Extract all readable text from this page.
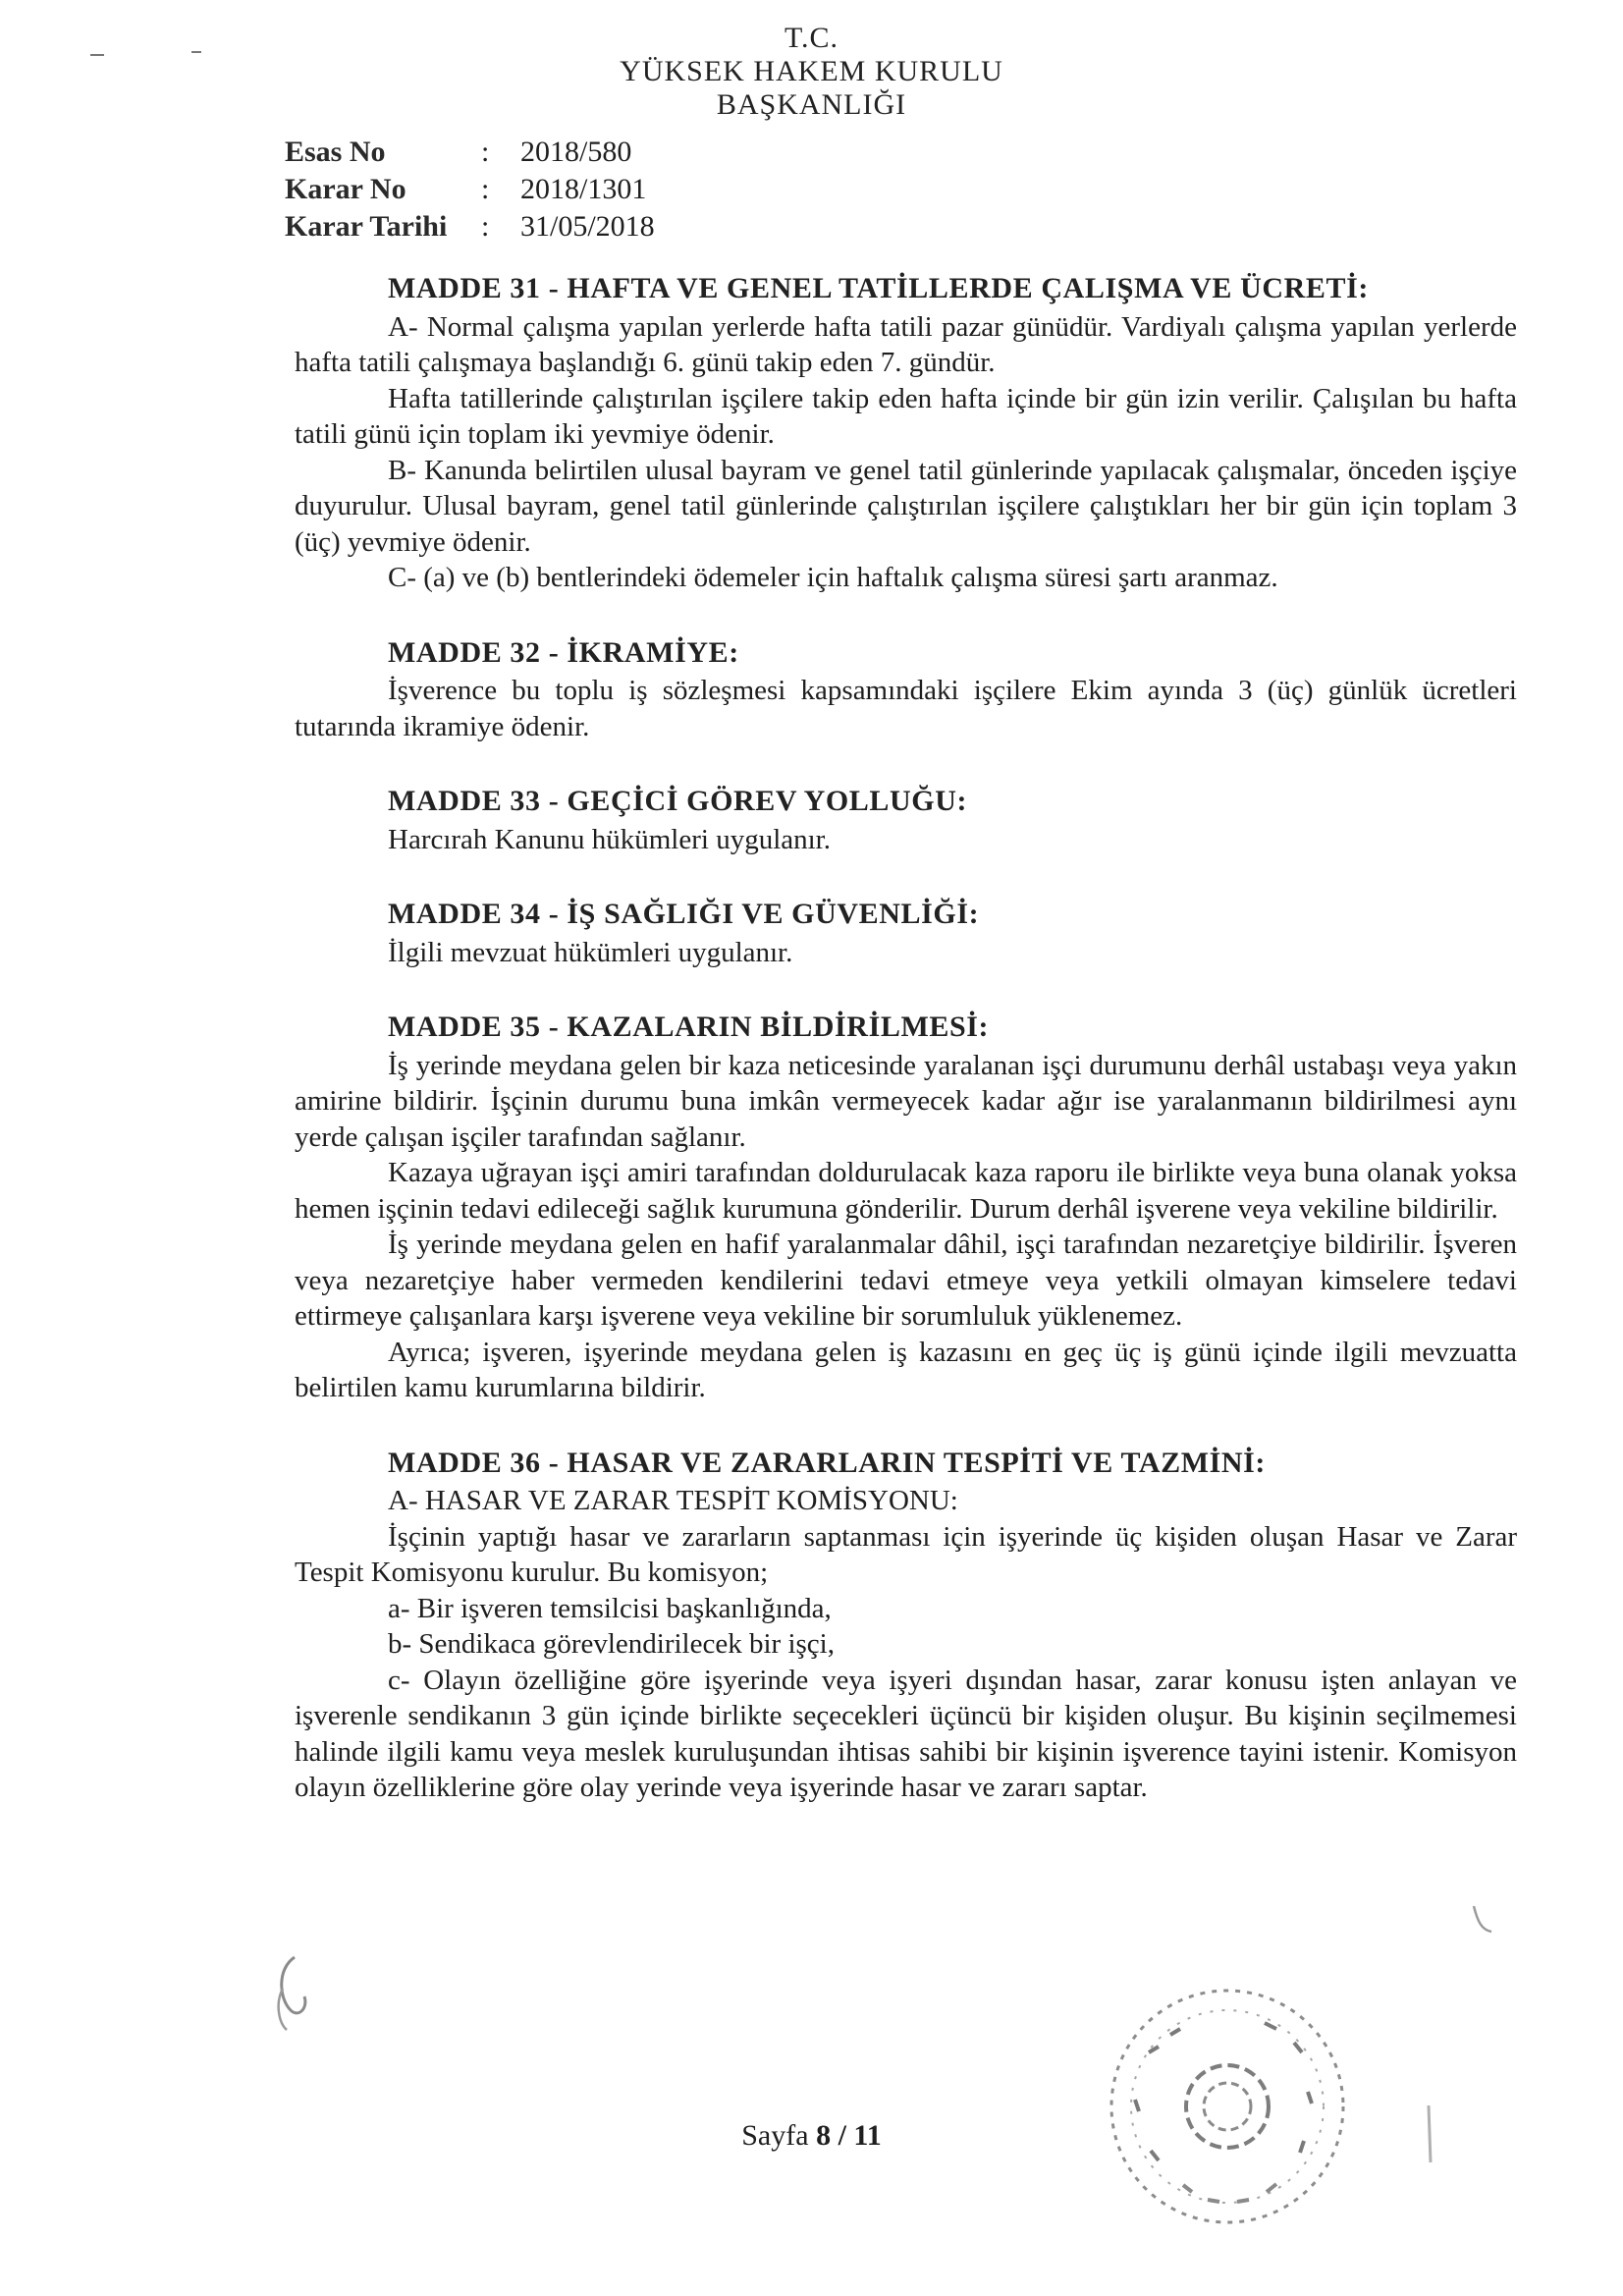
T.C.
YÜKSEK HAKEM KURULU
BAŞKANLIĞI
Esas No	:	2018/580
Karar No	:	2018/1301
Karar Tarihi	:	31/05/2018
MADDE 31 - HAFTA VE GENEL TATİLLERDE ÇALIŞMA VE ÜCRETİ:

A- Normal çalışma yapılan yerlerde hafta tatili pazar günüdür. Vardiyalı çalışma yapılan yerlerde hafta tatili çalışmaya başlandığı 6. günü takip eden 7. gündür.

Hafta tatillerinde çalıştırılan işçilere takip eden hafta içinde bir gün izin verilir. Çalışılan bu hafta tatili günü için toplam iki yevmiye ödenir.

B- Kanunda belirtilen ulusal bayram ve genel tatil günlerinde yapılacak çalışmalar, önceden işçiye duyurulur. Ulusal bayram, genel tatil günlerinde çalıştırılan işçilere çalıştıkları her bir gün için toplam 3 (üç) yevmiye ödenir.

C- (a) ve (b) bentlerindeki ödemeler için haftalık çalışma süresi şartı aranmaz.

MADDE 32 - İKRAMİYE:

İşverence bu toplu iş sözleşmesi kapsamındaki işçilere Ekim ayında 3 (üç) günlük ücretleri tutarında ikramiye ödenir.

MADDE 33 - GEÇİCİ GÖREV YOLLUĞU:

Harcırah Kanunu hükümleri uygulanır.

MADDE 34 - İŞ SAĞLIĞI VE GÜVENLİĞİ:

İlgili mevzuat hükümleri uygulanır.

MADDE 35 - KAZALARIN BİLDİRİLMESİ:

İş yerinde meydana gelen bir kaza neticesinde yaralanan işçi durumunu derhâl ustabaşı veya yakın amirine bildirir. İşçinin durumu buna imkân vermeyecek kadar ağır ise yaralanmanın bildirilmesi aynı yerde çalışan işçiler tarafından sağlanır.

Kazaya uğrayan işçi amiri tarafından doldurulacak kaza raporu ile birlikte veya buna olanak yoksa hemen işçinin tedavi edileceği sağlık kurumuna gönderilir. Durum derhâl işverene veya vekiline bildirilir.

İş yerinde meydana gelen en hafif yaralanmalar dâhil, işçi tarafından nezaretçiye bildirilir. İşveren veya nezaretçiye haber vermeden kendilerini tedavi etmeye veya yetkili olmayan kimselere tedavi ettirmeye çalışanlara karşı işverene veya vekiline bir sorumluluk yüklenemez.

Ayrıca; işveren, işyerinde meydana gelen iş kazasını en geç üç iş günü içinde ilgili mevzuatta belirtilen kamu kurumlarına bildirir.

MADDE 36 - HASAR VE ZARARLARIN TESPİTİ VE TAZMİNİ:

A- HASAR VE ZARAR TESPİT KOMİSYONU:

İşçinin yaptığı hasar ve zararların saptanması için işyerinde üç kişiden oluşan Hasar ve Zarar Tespit Komisyonu kurulur. Bu komisyon;

a- Bir işveren temsilcisi başkanlığında,

b- Sendikaca görevlendirilecek bir işçi,

c- Olayın özelliğine göre işyerinde veya işyeri dışından hasar, zarar konusu işten anlayan ve işverenle sendikanın 3 gün içinde birlikte seçecekleri üçüncü bir kişiden oluşur. Bu kişinin seçilmemesi halinde ilgili kamu veya meslek kuruluşundan ihtisas sahibi bir kişinin işverence tayini istenir. Komisyon olayın özelliklerine göre olay yerinde veya işyerinde hasar ve zararı saptar.

Sayfa 8 / 11
